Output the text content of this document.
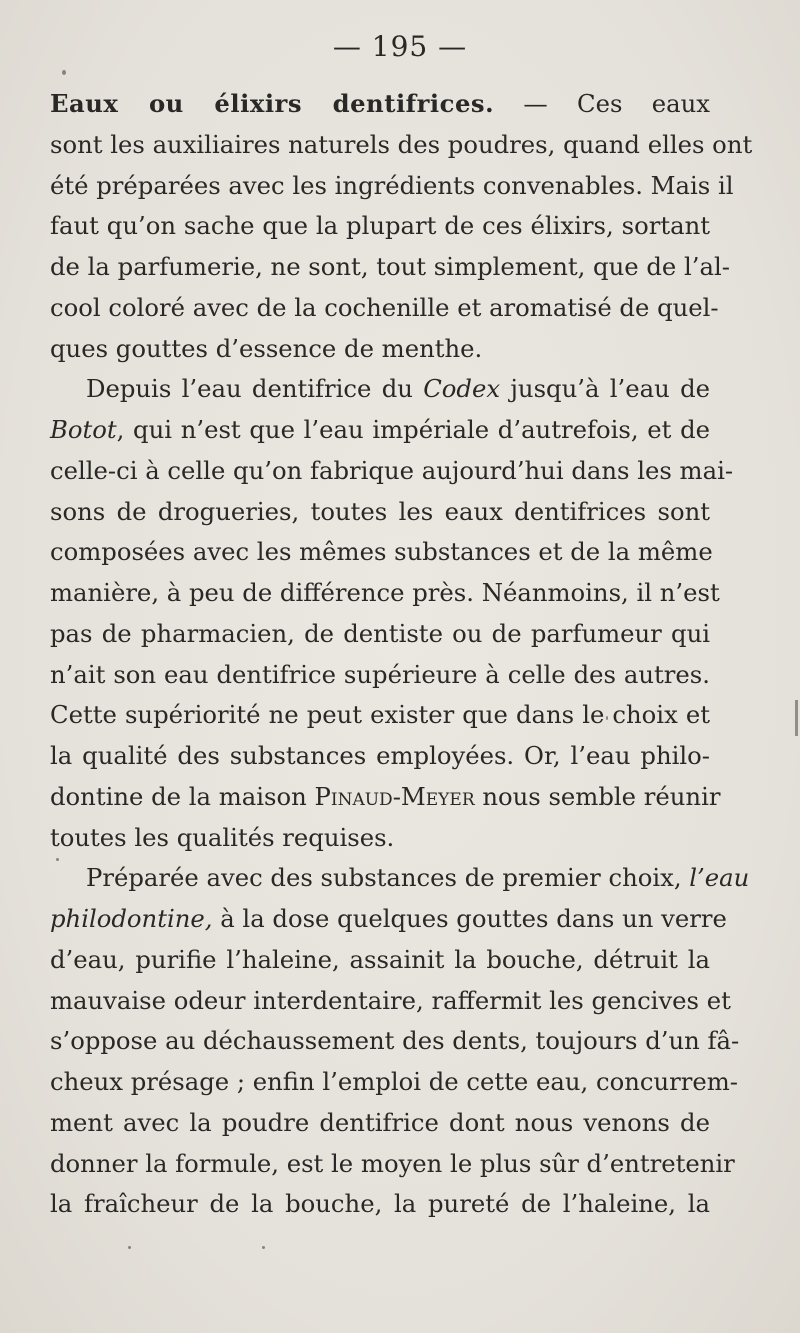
— 195 —
Eaux ou élixirs dentifrices. — Ces eaux
sont les auxiliaires naturels des poudres, quand elles ont
été préparées avec les ingrédients convenables. Mais il
faut qu’on sache que la plupart de ces élixirs, sortant
de la parfumerie, ne sont, tout simplement, que de l’al-
cool coloré avec de la cochenille et aromatisé de quel-
ques gouttes d’essence de menthe.
Depuis l’eau dentifrice du Codex jusqu’à l’eau de
Botot, qui n’est que l’eau impériale d’autrefois, et de
celle-ci à celle qu’on fabrique aujourd’hui dans les mai-
sons de drogueries, toutes les eaux dentifrices sont
composées avec les mêmes substances et de la même
manière, à peu de différence près. Néanmoins, il n’est
pas de pharmacien, de dentiste ou de parfumeur qui
n’ait son eau dentifrice supérieure à celle des autres.
Cette supériorité ne peut exister que dans le choix et
la qualité des substances employées. Or, l’eau philo-
dontine de la maison Pinaud-Meyer nous semble réunir
toutes les qualités requises.
Préparée avec des substances de premier choix, l’eau
philodontine, à la dose quelques gouttes dans un verre
d’eau, purifie l’haleine, assainit la bouche, détruit la
mauvaise odeur interdentaire, raffermit les gencives et
s’oppose au déchaussement des dents, toujours d’un fâ-
cheux présage ; enfin l’emploi de cette eau, concurrem-
ment avec la poudre dentifrice dont nous venons de
donner la formule, est le moyen le plus sûr d’entretenir
la fraîcheur de la bouche, la pureté de l’haleine, la
